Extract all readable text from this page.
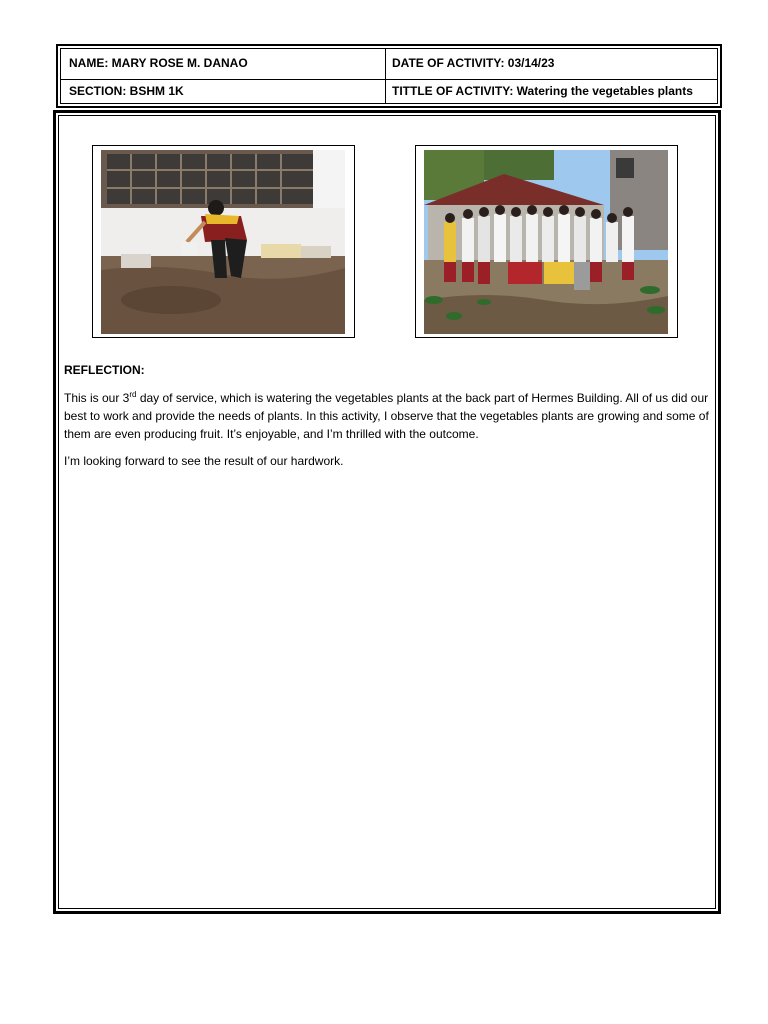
NAME: MARY ROSE M. DANAO	DATE OF ACTIVITY: 03/14/23
SECTION: BSHM 1K	TITTLE OF ACTIVITY: Watering the vegetables plants
REFLECTION:
This is our 3rd day of service, which is watering the vegetables plants at the back part of Hermes Building. All of us did our best to work and provide the needs of plants. In this activity, I observe that the vegetables plants are growing and some of them are even producing fruit. It’s enjoyable, and I’m thrilled with the outcome.
I’m looking forward to see the result of our hardwork.
